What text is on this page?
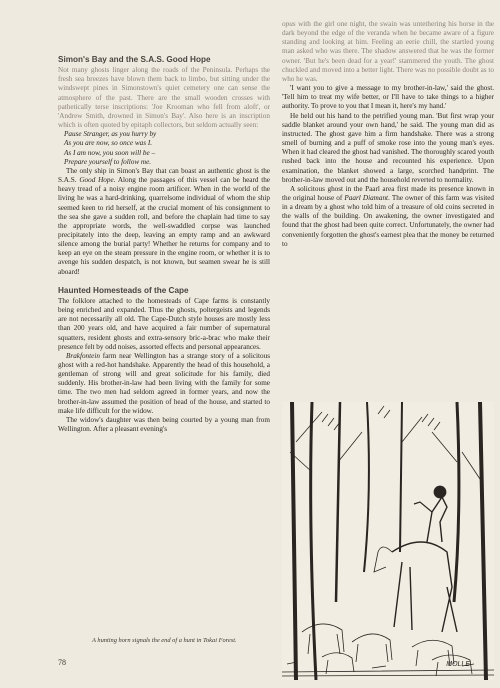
Simon's Bay and the S.A.S. Good Hope

Not many ghosts linger along the roads of the Peninsula. Perhaps the fresh sea breezes have blown them back to limbo, but sitting under the windswept pines in Simonstown's quiet cemetery one can sense the atmosphere of the past. There are the small wooden crosses with pathetically terse inscriptions: 'Joe Krooman who fell from aloft', or 'Andrew Smith, drowned in Simon's Bay'. Also here is an inscription which is often quoted by epitaph collectors, but seldom actually seen:

Pause Stranger, as you hurry by
As you are now, so once was I.
As I am now, you soon will be –
Prepare yourself to follow me.

The only ship in Simon's Bay that can boast an authentic ghost is the S.A.S. Good Hope. Along the passages of this vessel can be heard the heavy tread of a noisy engine room artificer. When in the world of the living he was a hard-drinking, quarrelsome individual of whom the ship seemed keen to rid herself, at the crucial moment of his consignment to the sea she gave a sudden roll, and before the chaplain had time to say the appropriate words, the well-swaddled corpse was launched precipitately into the deep, leaving an empty ramp and an awkward silence among the burial party! Whether he returns for company and to keep an eye on the steam pressure in the engine room, or whether it is to avenge his sudden despatch, is not known, but seamen swear he is still aboard!

Haunted Homesteads of the Cape

The folklore attached to the homesteads of Cape farms is constantly being enriched and expanded. Thus the ghosts, poltergeists and legends are not necessarily all old. The Cape-Dutch style houses are mostly less than 200 years old, and have acquired a fair number of supernatural squatters, resident ghosts and extra-sensory bric-a-brac who make their presence felt by odd noises, assorted effects and personal appearances.

Brakfontein farm near Wellington has a strange story of a solicitous ghost with a red-hot handshake. Apparently the head of this household, a gentleman of strong will and great solicitude for his family, died suddenly. His brother-in-law had been living with the family for some time. The two men had seldom agreed in former years, and now the brother-in-law assumed the position of head of the house, and started to make life difficult for the widow.

The widow's daughter was then being courted by a young man from Wellington. After a pleasant evening's

opus with the girl one night, the swain was untethering his horse in the dark beyond the edge of the veranda when he became aware of a figure standing and looking at him. Feeling an eerie chill, the startled young man asked who was there. The shadow answered that he was the former owner. 'But he's been dead for a year!' stammered the youth. The ghost chuckled and moved into a better light. There was no possible doubt as to who he was.

'I want you to give a message to my brother-in-law,' said the ghost. 'Tell him to treat my wife better, or I'll have to take things to a higher authority. To prove to you that I mean it, here's my hand.'

He held out his hand to the petrified young man. 'But first wrap your saddle blanket around your own hand,' he said. The young man did as instructed. The ghost gave him a firm handshake. There was a strong smell of burning and a puff of smoke rose into the young man's eyes. When it had cleared the ghost had vanished. The thoroughly scared youth rushed back into the house and recounted his experience. Upon examination, the blanket showed a large, scorched handprint. The brother-in-law moved out and the household reverted to normality.

A solicitous ghost in the Paarl area first made its presence known in the original house of Paarl Diamant. The owner of this farm was visited in a dream by a ghost who told him of a treasure of old coins secreted in the walls of the building. On awakening, the owner investigated and found that the ghost had been quite correct. Unfortunately, the owner had conveniently forgotten the ghost's earnest plea that the money be returned to

MOLLE
A hunting horn signals the end of a hunt in Tokai Forest.
78
